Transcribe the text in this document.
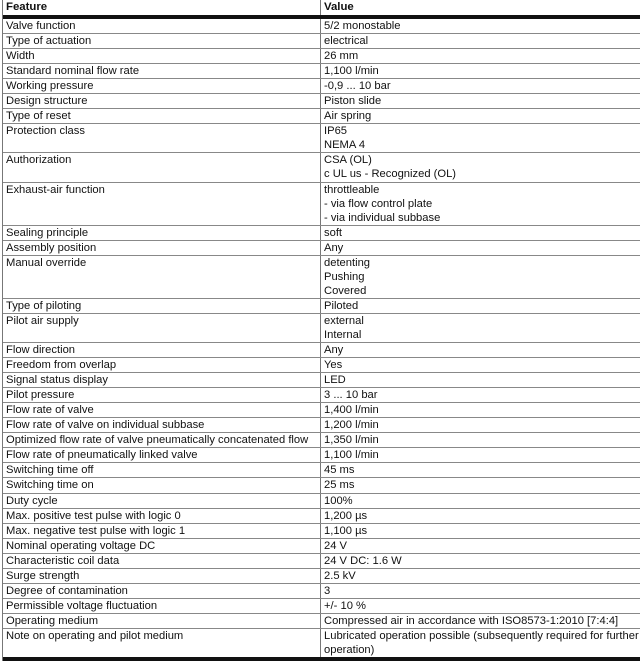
Feature	Value
Valve function	5/2 monostable
Type of actuation	electrical
Width	26 mm
Standard nominal flow rate	1,100 l/min
Working pressure	-0,9 ... 10 bar
Design structure	Piston slide
Type of reset	Air spring
Protection class	IP65
NEMA 4
Authorization	CSA (OL)
c UL us - Recognized (OL)
Exhaust-air function	throttleable
- via flow control plate
- via individual subbase
Sealing principle	soft
Assembly position	Any
Manual override	detenting
Pushing
Covered
Type of piloting	Piloted
Pilot air supply	external
Internal
Flow direction	Any
Freedom from overlap	Yes
Signal status display	LED
Pilot pressure	3 ... 10 bar
Flow rate of valve	1,400 l/min
Flow rate of valve on individual subbase	1,200 l/min
Optimized flow rate of valve pneumatically concatenated flow	1,350 l/min
Flow rate of pneumatically linked valve	1,100 l/min
Switching time off	45 ms
Switching time on	25 ms
Duty cycle	100%
Max. positive test pulse with logic 0	1,200 µs
Max. negative test pulse with logic 1	1,100 µs
Nominal operating voltage DC	24 V
Characteristic coil data	24 V DC: 1.6 W
Surge strength	2.5 kV
Degree of contamination	3
Permissible voltage fluctuation	+/- 10 %
Operating medium	Compressed air in accordance with ISO8573-1:2010 [7:4:4]
Note on operating and pilot medium	Lubricated operation possible (subsequently required for further
operation)
